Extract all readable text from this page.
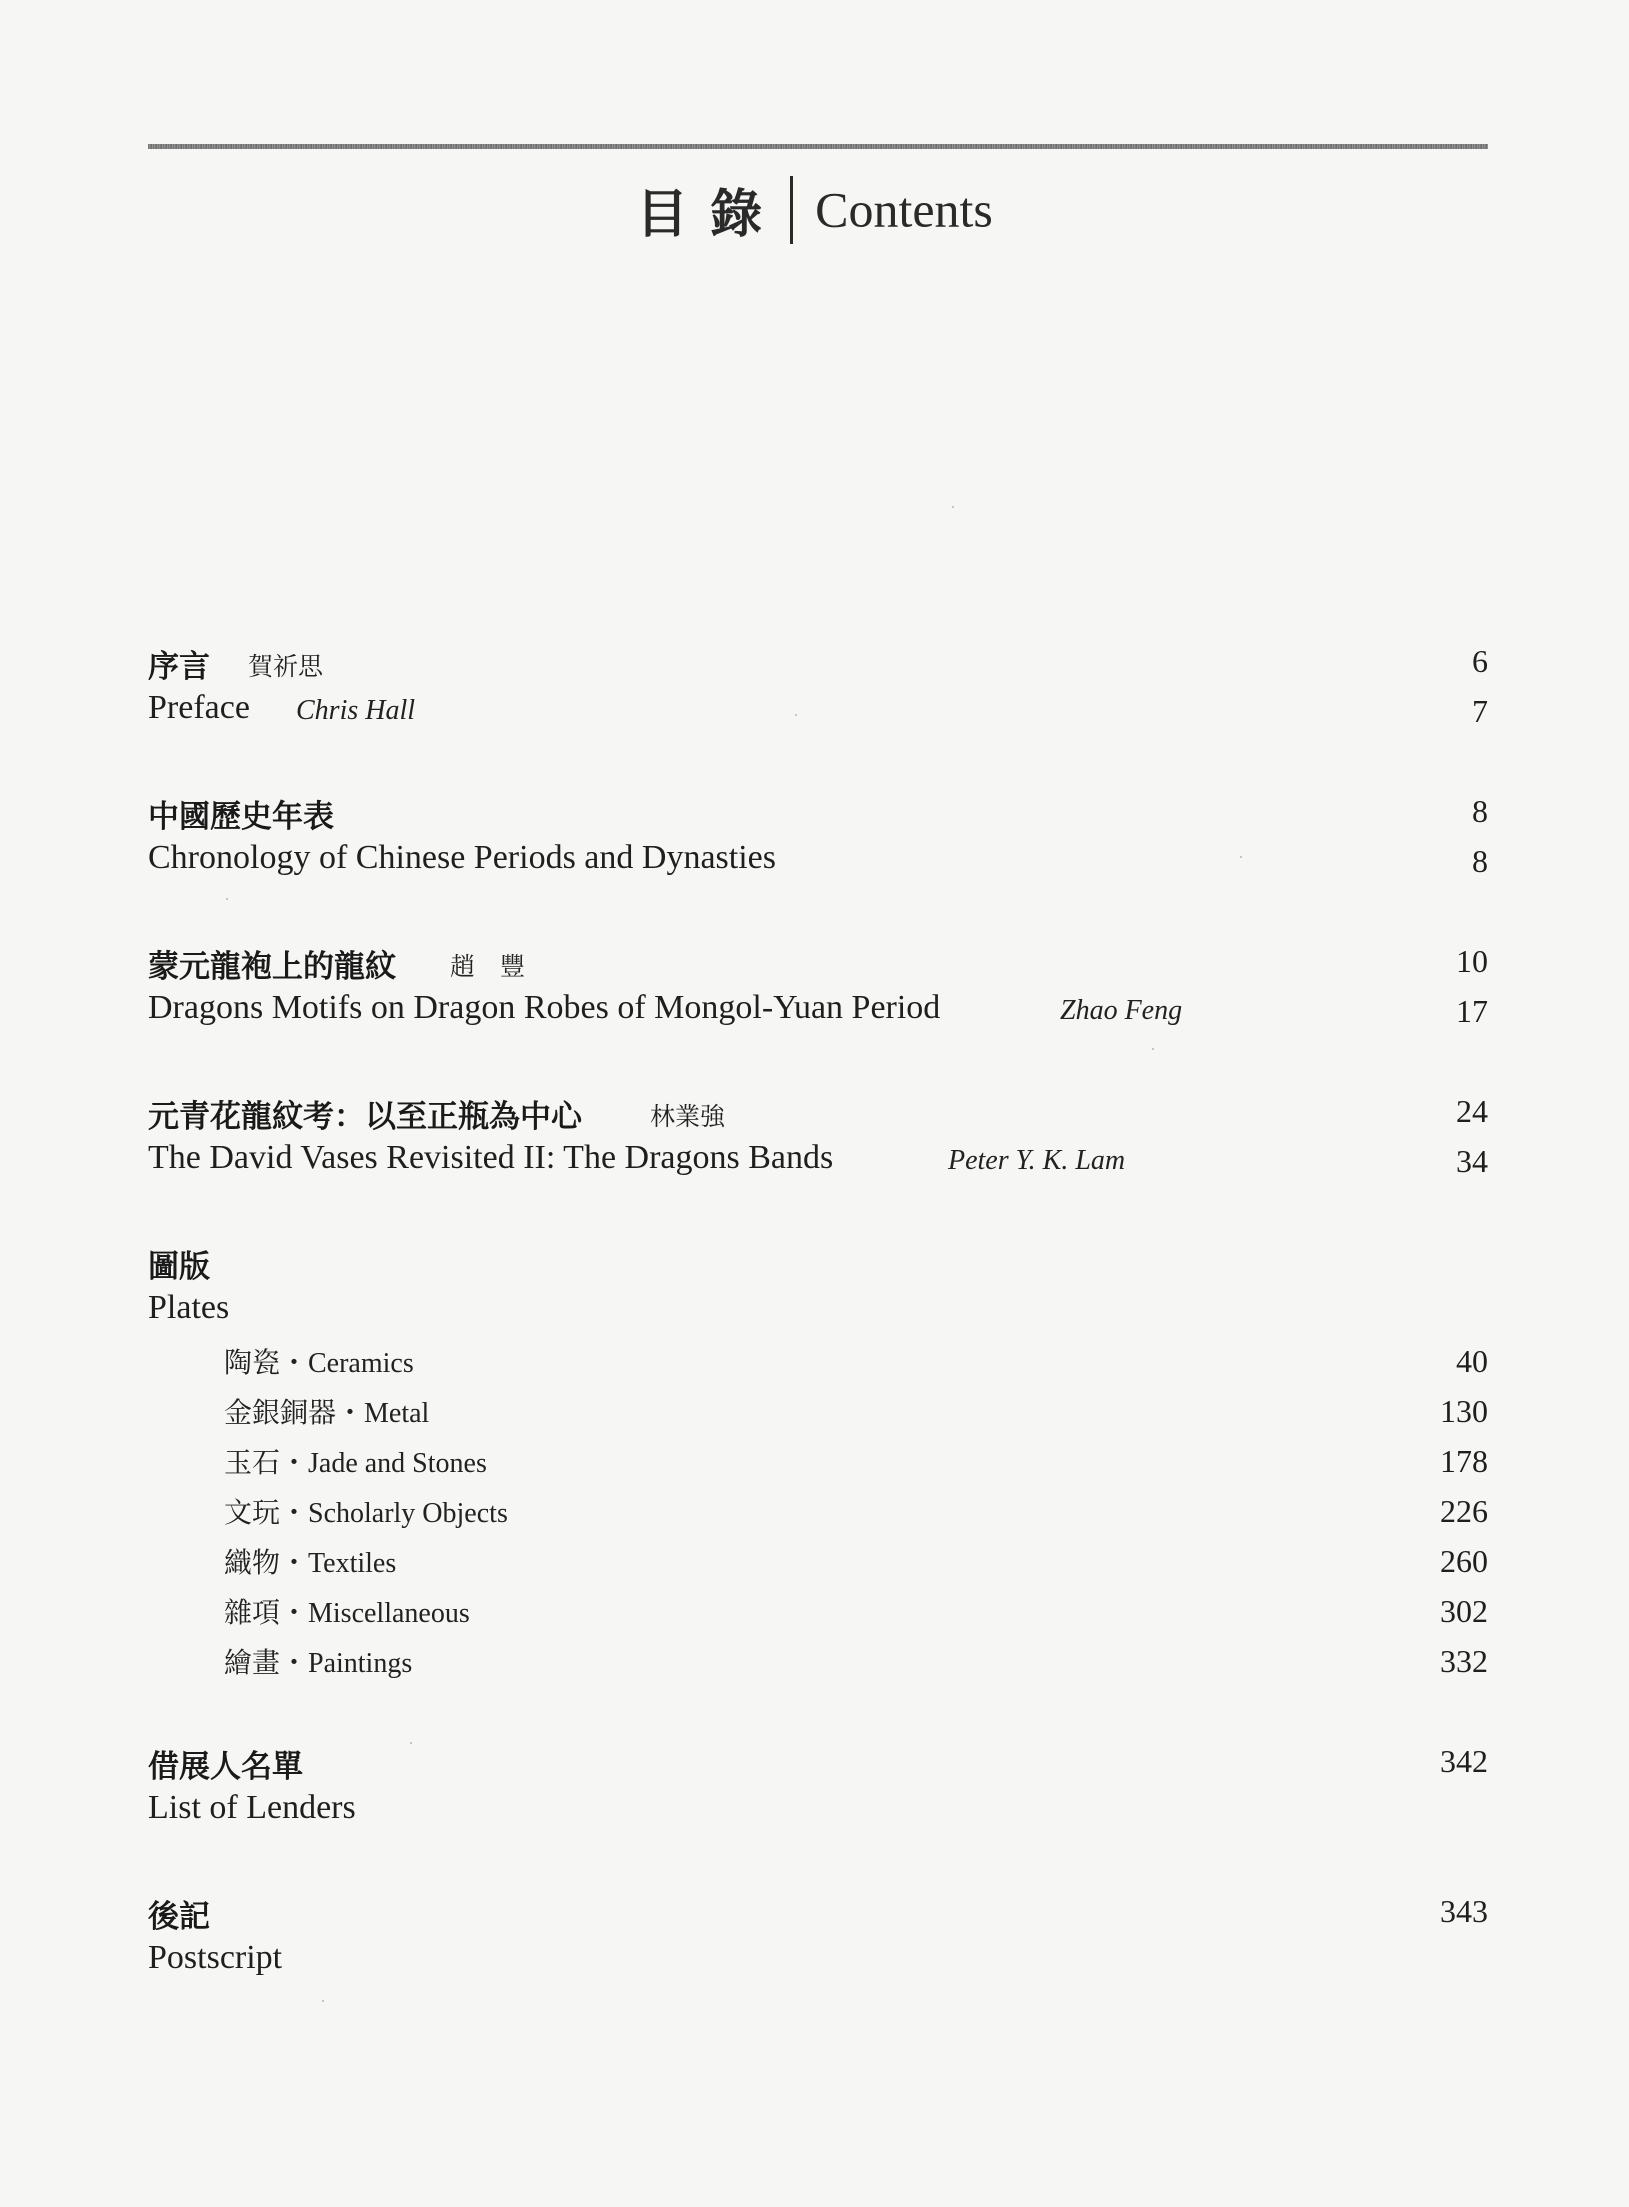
目錄 Contents
序言 賀祈思	6
Preface Chris Hall	7
中國歷史年表	8
Chronology of Chinese Periods and Dynasties	8
蒙元龍袍上的龍紋 趙　豐	10
Dragons Motifs on Dragon Robes of Mongol-Yuan Period	Zhao Feng	17
元青花龍紋考：以至正瓶為中心	林業強	24
The David Vases Revisited II: The Dragons Bands	Peter Y. K. Lam	34
圖版
Plates
陶瓷・Ceramics	40
金銀銅器・Metal	130
玉石・Jade and Stones	178
文玩・Scholarly Objects	226
織物・Textiles	260
雜項・Miscellaneous	302
繪畫・Paintings	332
借展人名單	342
List of Lenders
後記	343
Postscript
